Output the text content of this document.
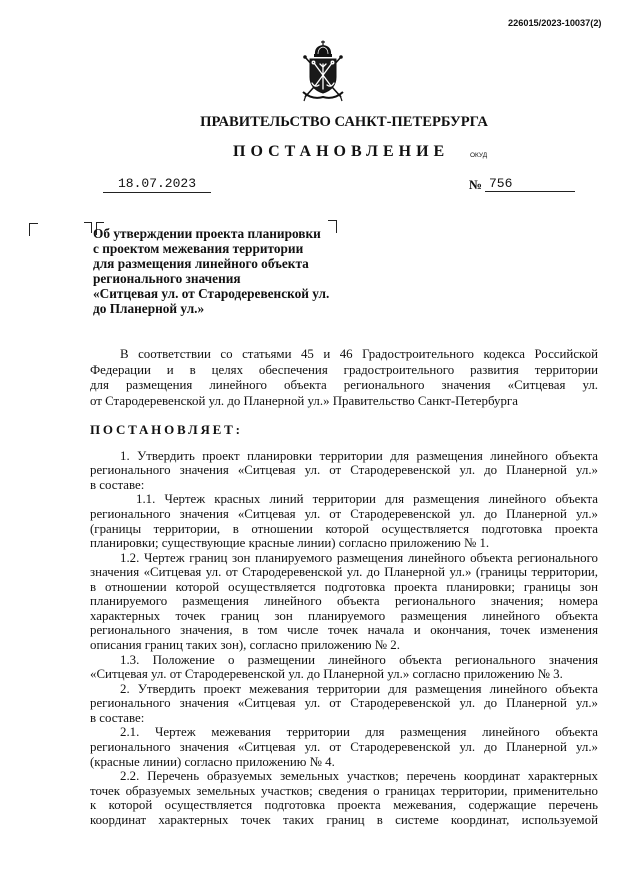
226015/2023-10037(2)
ПРАВИТЕЛЬСТВО САНКТ-ПЕТЕРБУРГА
ПОСТАНОВЛЕНИЕ	ОКУД
18.07.2023	№ 756
Об утверждении проекта планировки
с проектом межевания территории
для размещения линейного объекта
регионального значения
«Ситцевая ул. от Стародеревенской ул.
до Планерной ул.»
В соответствии со статьями 45 и 46 Градостроительного кодекса Российской
Федерации и в целях обеспечения градостроительного развития территории
для размещения линейного объекта регионального значения «Ситцевая ул.
от Стародеревенской ул. до Планерной ул.» Правительство Санкт-Петербурга
ПОСТАНОВЛЯЕТ:
1. Утвердить проект планировки территории для размещения линейного объекта
регионального значения «Ситцевая ул. от Стародеревенской ул. до Планерной ул.»
в составе:
1.1. Чертеж красных линий территории для размещения линейного объекта
регионального значения «Ситцевая ул. от Стародеревенской ул. до Планерной ул.»
(границы территории, в отношении которой осуществляется подготовка проекта
планировки; существующие красные линии) согласно приложению № 1.
1.2. Чертеж границ зон планируемого размещения линейного объекта регионального
значения «Ситцевая ул. от Стародеревенской ул. до Планерной ул.» (границы территории,
в отношении которой осуществляется подготовка проекта планировки; границы зон
планируемого размещения линейного объекта регионального значения; номера
характерных точек границ зон планируемого размещения линейного объекта
регионального значения, в том числе точек начала и окончания, точек изменения
описания границ таких зон), согласно приложению № 2.
1.3. Положение о размещении линейного объекта регионального значения
«Ситцевая ул. от Стародеревенской ул. до Планерной ул.» согласно приложению № 3.
2. Утвердить проект межевания территории для размещения линейного объекта
регионального значения «Ситцевая ул. от Стародеревенской ул. до Планерной ул.»
в составе:
2.1. Чертеж межевания территории для размещения линейного объекта
регионального значения «Ситцевая ул. от Стародеревенской ул. до Планерной ул.»
(красные линии) согласно приложению № 4.
2.2. Перечень образуемых земельных участков; перечень координат характерных
точек образуемых земельных участков; сведения о границах территории, применительно
к которой осуществляется подготовка проекта межевания, содержащие перечень
координат характерных точек таких границ в системе координат, используемой
